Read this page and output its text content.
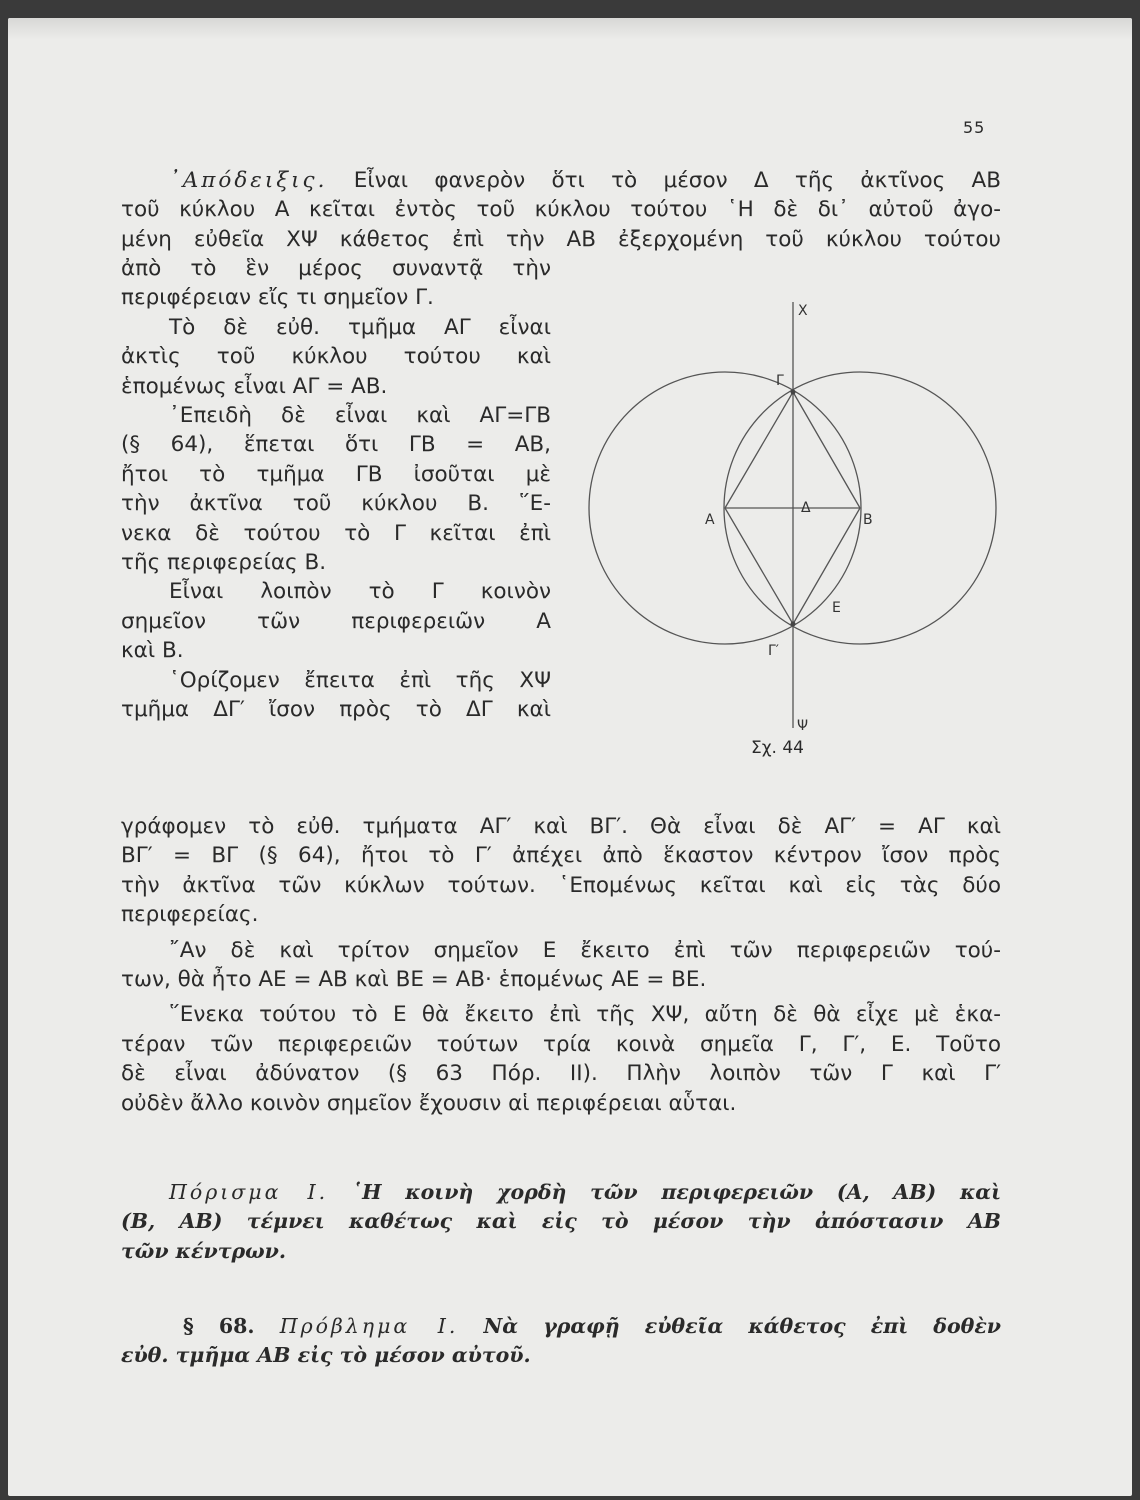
55
᾿Απόδειξις. Εἶναι φανερὸν ὅτι τὸ μέσον Δ τῆς ἀκτῖνος ΑΒ
τοῦ κύκλου Α κεῖται ἐντὸς τοῦ κύκλου τούτου ῾Η δὲ δι᾿ αὐτοῦ ἀγο-
μένη εὐθεῖα ΧΨ κάθετος ἐπὶ τὴν ΑΒ ἐξερχομένη τοῦ κύκλου τούτου
ἀπὸ τὸ ἓν μέρος συναντᾷ τὴν
περιφέρειαν εἴς τι σημεῖον Γ.
Τὸ δὲ εὐθ. τμῆμα ΑΓ εἶναι
ἀκτὶς τοῦ κύκλου τούτου καὶ
ἑπομένως εἶναι ΑΓ = ΑΒ.
᾿Επειδὴ δὲ εἶναι καὶ ΑΓ=ΓΒ
(§ 64), ἕπεται ὅτι ΓΒ = ΑΒ,
ἤτοι τὸ τμῆμα ΓΒ ἰσοῦται μὲ
τὴν ἀκτῖνα τοῦ κύκλου Β. ῞Ε-
νεκα δὲ τούτου τὸ Γ κεῖται ἐπὶ
τῆς περιφερείας Β.
Εἶναι λοιπὸν τὸ Γ κοινὸν
σημεῖον τῶν περιφερειῶν Α
καὶ Β.
῾Ορίζομεν ἔπειτα ἐπὶ τῆς ΧΨ
τμῆμα ΔΓ′ ἴσον πρὸς τὸ ΔΓ καὶ
Χ
Γ
Α
Δ
Β
Ε
Γ′
Ψ
Σχ. 44
γράφομεν τὸ εὐθ. τμήματα ΑΓ′ καὶ ΒΓ′. Θὰ εἶναι δὲ ΑΓ′ = ΑΓ καὶ
ΒΓ′ = ΒΓ (§ 64), ἤτοι τὸ Γ′ ἀπέχει ἀπὸ ἕκαστον κέντρον ἴσον πρὸς
τὴν ἀκτῖνα τῶν κύκλων τούτων. ῾Επομένως κεῖται καὶ εἰς τὰς δύο
περιφερείας.
῎Αν δὲ καὶ τρίτον σημεῖον Ε ἔκειτο ἐπὶ τῶν περιφερειῶν τού-
των, θὰ ἦτο ΑΕ = ΑΒ καὶ ΒΕ = ΑΒ· ἑπομένως ΑΕ = ΒΕ.
῞Ενεκα τούτου τὸ Ε θὰ ἔκειτο ἐπὶ τῆς ΧΨ, αὔτη δὲ θὰ εἶχε μὲ ἑκα-
τέραν τῶν περιφερειῶν τούτων τρία κοινὰ σημεῖα Γ, Γ′, Ε. Τοῦτο
δὲ εἶναι ἀδύνατον (§ 63 Πόρ. ΙΙ). Πλὴν λοιπὸν τῶν Γ καὶ Γ′
οὐδὲν ἄλλο κοινὸν σημεῖον ἔχουσιν αἱ περιφέρειαι αὗται.
Πόρισμα Ι. ῾Η κοινὴ χορδὴ τῶν περιφερειῶν (Α, ΑΒ) καὶ
(Β, ΑΒ) τέμνει καθέτως καὶ εἰς τὸ μέσον τὴν ἀπόστασιν ΑΒ
τῶν κέντρων.
§ 68. Πρόβλημα Ι. Νὰ γραφῇ εὐθεῖα κάθετος ἐπὶ δοθὲν
εὐθ. τμῆμα ΑΒ εἰς τὸ μέσον αὐτοῦ.
